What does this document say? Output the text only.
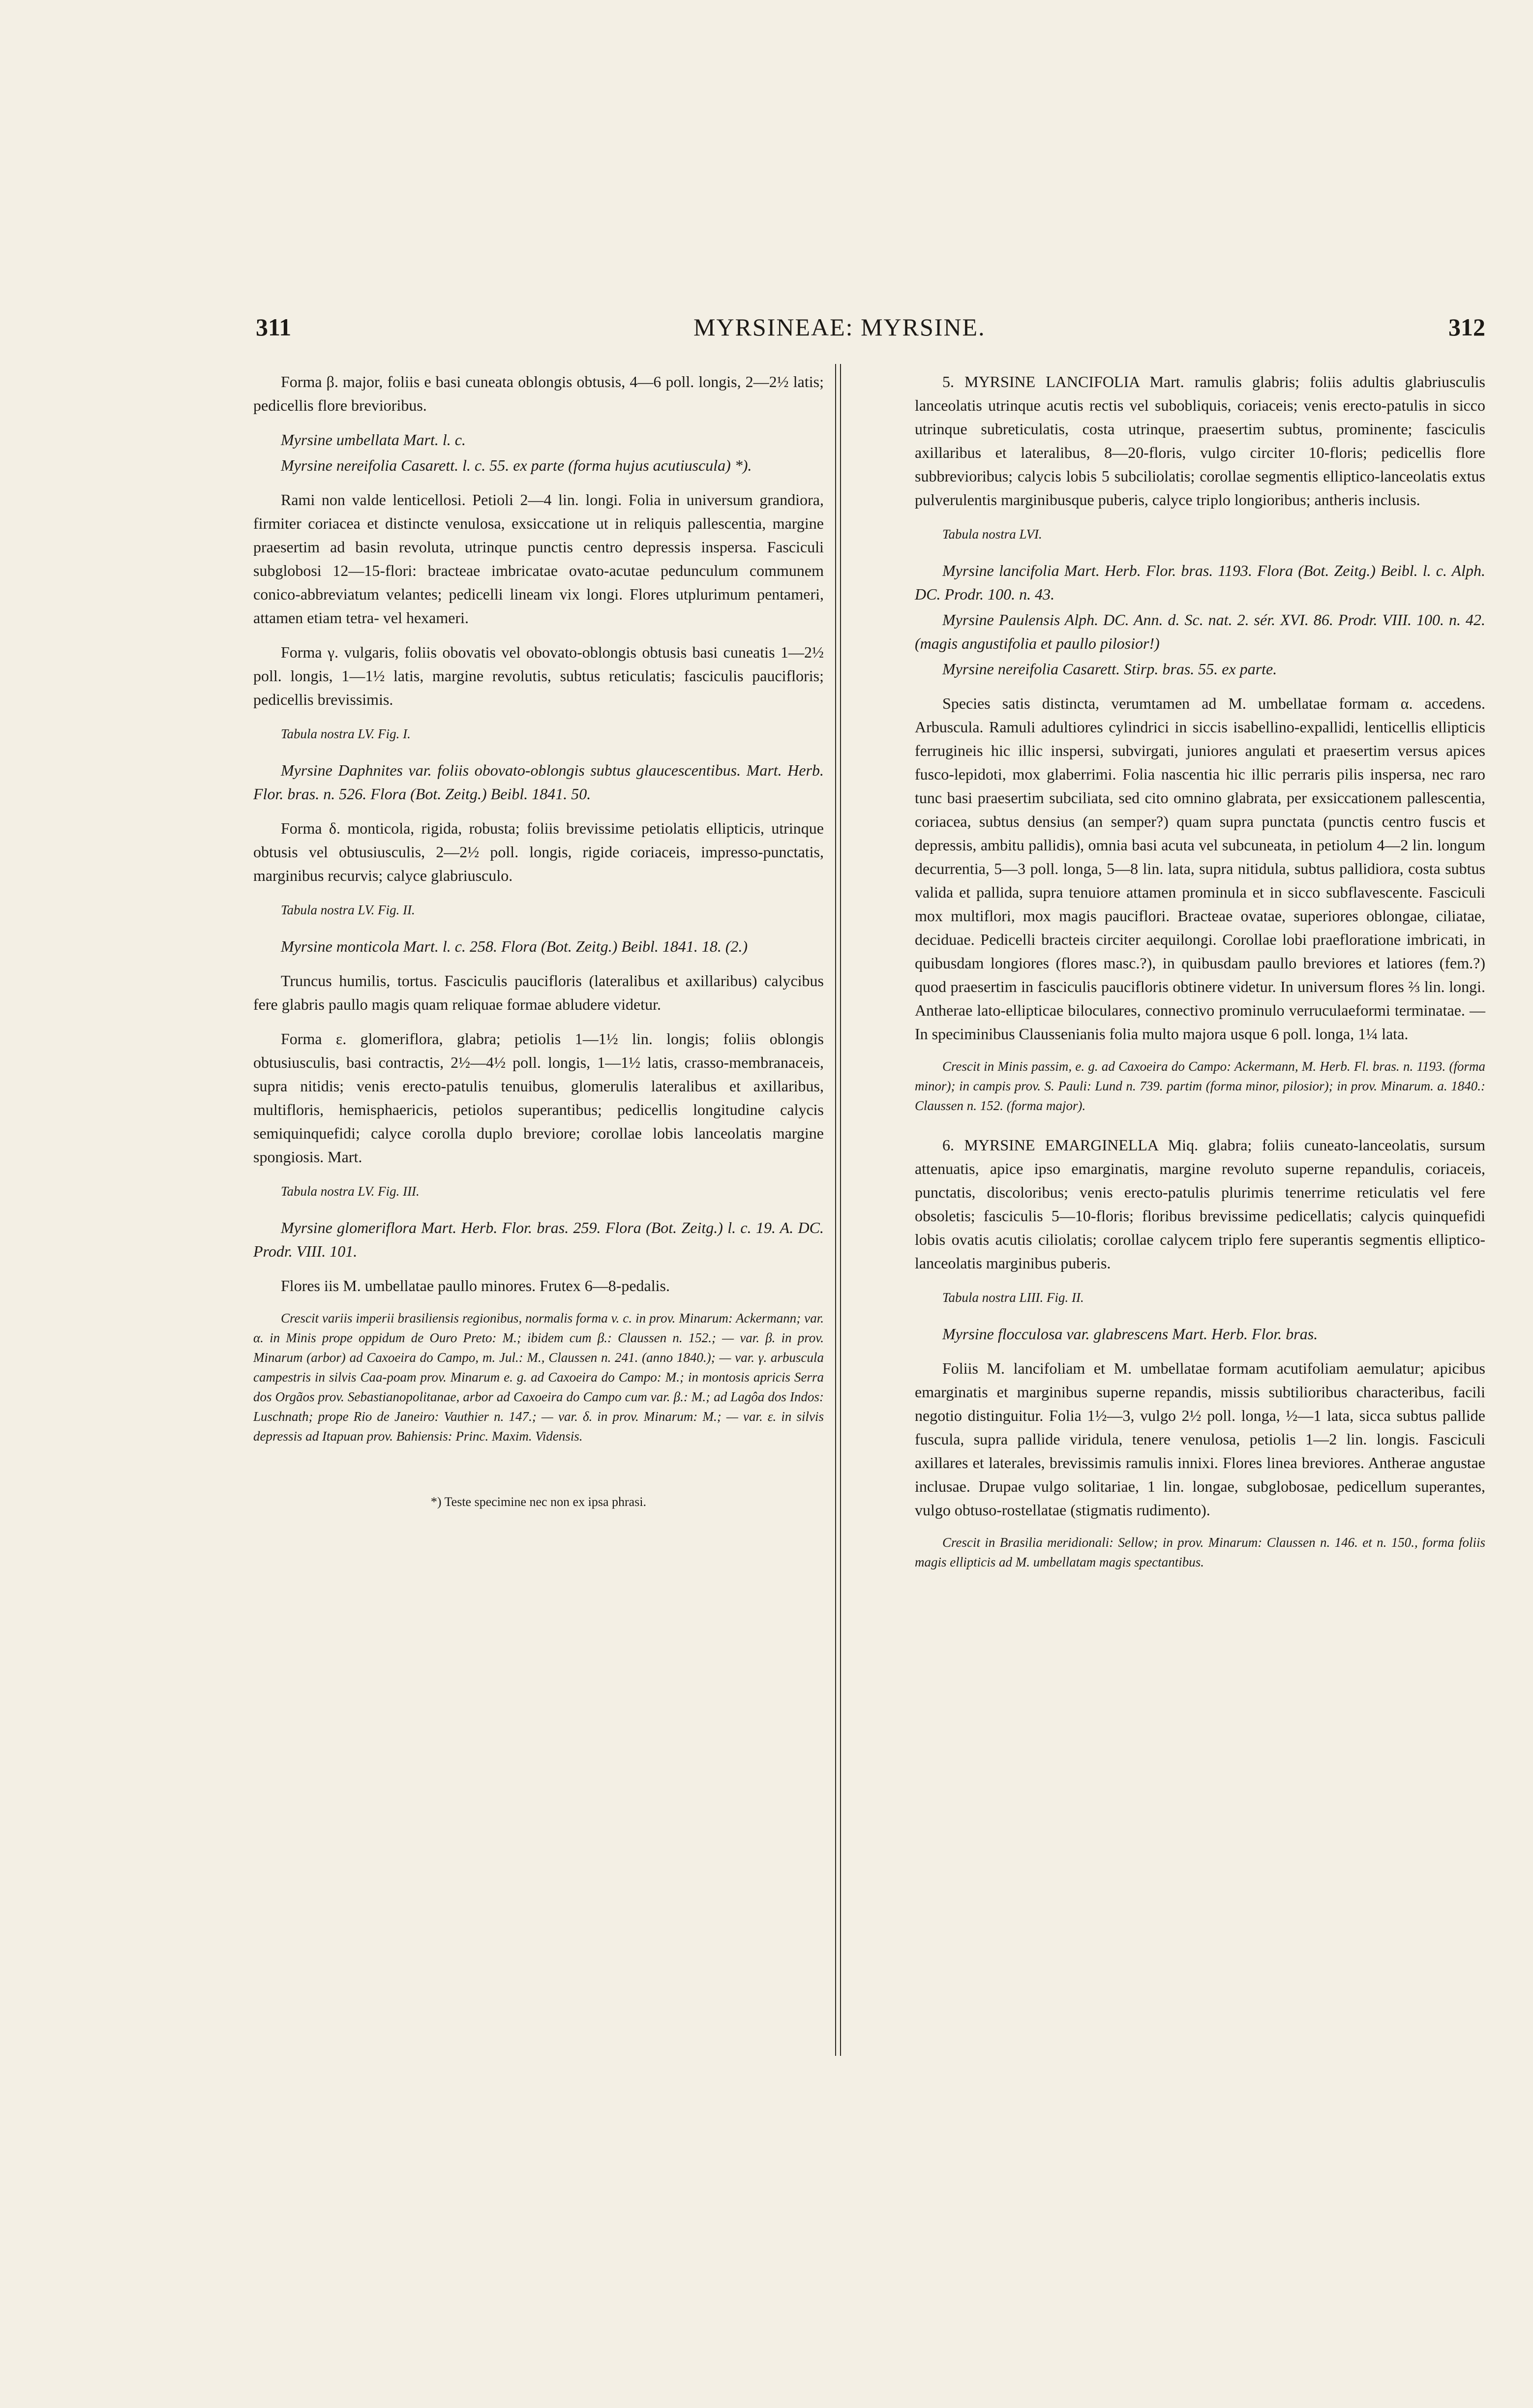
311	MYRSINEAE: MYRSINE.	312

Forma β. major, foliis e basi cuneata oblongis obtusis, 4—6 poll. longis, 2—2½ latis; pedicellis flore brevioribus.

Myrsine umbellata Mart. l. c.

Myrsine nereifolia Casarett. l. c. 55. ex parte (forma hujus acutiuscula) *).

Rami non valde lenticellosi. Petioli 2—4 lin. longi. Folia in universum grandiora, firmiter coriacea et distincte venulosa, exsiccatione ut in reliquis pallescentia, margine praesertim ad basin revoluta, utrinque punctis centro depressis inspersa. Fasciculi subglobosi 12—15-flori: bracteae imbricatae ovato-acutae pedunculum communem conico-abbreviatum velantes; pedicelli lineam vix longi. Flores utplurimum pentameri, attamen etiam tetra- vel hexameri.

Forma γ. vulgaris, foliis obovatis vel obovato-oblongis obtusis basi cuneatis 1—2½ poll. longis, 1—1½ latis, margine revolutis, subtus reticulatis; fasciculis paucifloris; pedicellis brevissimis.

Tabula nostra LV. Fig. I.

Myrsine Daphnites var. foliis obovato-oblongis subtus glaucescentibus. Mart. Herb. Flor. bras. n. 526. Flora (Bot. Zeitg.) Beibl. 1841. 50.

Forma δ. monticola, rigida, robusta; foliis brevissime petiolatis ellipticis, utrinque obtusis vel obtusiusculis, 2—2½ poll. longis, rigide coriaceis, impresso-punctatis, marginibus recurvis; calyce glabriusculo.

Tabula nostra LV. Fig. II.

Myrsine monticola Mart. l. c. 258. Flora (Bot. Zeitg.) Beibl. 1841. 18. (2.)

Truncus humilis, tortus. Fasciculis paucifloris (lateralibus et axillaribus) calycibus fere glabris paullo magis quam reliquae formae abludere videtur.

Forma ε. glomeriflora, glabra; petiolis 1—1½ lin. longis; foliis oblongis obtusiusculis, basi contractis, 2½—4½ poll. longis, 1—1½ latis, crasso-membranaceis, supra nitidis; venis erecto-patulis tenuibus, glomerulis lateralibus et axillaribus, multifloris, hemisphaericis, petiolos superantibus; pedicellis longitudine calycis semiquinquefidi; calyce corolla duplo breviore; corollae lobis lanceolatis margine spongiosis. Mart.

Tabula nostra LV. Fig. III.

Myrsine glomeriflora Mart. Herb. Flor. bras. 259. Flora (Bot. Zeitg.) l. c. 19. A. DC. Prodr. VIII. 101.

Flores iis M. umbellatae paullo minores. Frutex 6—8-pedalis.

Crescit variis imperii brasiliensis regionibus, normalis forma v. c. in prov. Minarum: Ackermann; var. α. in Minis prope oppidum de Ouro Preto: M.; ibidem cum β.: Claussen n. 152.; — var. β. in prov. Minarum (arbor) ad Caxoeira do Campo, m. Jul.: M., Claussen n. 241. (anno 1840.); — var. γ. arbuscula campestris in silvis Caa-poam prov. Minarum e. g. ad Caxoeira do Campo: M.; in montosis apricis Serra dos Orgãos prov. Sebastianopolitanae, arbor ad Caxoeira do Campo cum var. β.: M.; ad Lagôa dos Indos: Luschnath; prope Rio de Janeiro: Vauthier n. 147.; — var. δ. in prov. Minarum: M.; — var. ε. in silvis depressis ad Itapuan prov. Bahiensis: Princ. Maxim. Vidensis.

*) Teste specimine nec non ex ipsa phrasi.

5. MYRSINE LANCIFOLIA Mart. ramulis glabris; foliis adultis glabriusculis lanceolatis utrinque acutis rectis vel subobliquis, coriaceis; venis erecto-patulis in sicco utrinque subreticulatis, costa utrinque, praesertim subtus, prominente; fasciculis axillaribus et lateralibus, 8—20-floris, vulgo circiter 10-floris; pedicellis flore subbrevioribus; calycis lobis 5 subciliolatis; corollae segmentis elliptico-lanceolatis extus pulverulentis marginibusque puberis, calyce triplo longioribus; antheris inclusis.

Tabula nostra LVI.

Myrsine lancifolia Mart. Herb. Flor. bras. 1193. Flora (Bot. Zeitg.) Beibl. l. c. Alph. DC. Prodr. 100. n. 43.

Myrsine Paulensis Alph. DC. Ann. d. Sc. nat. 2. sér. XVI. 86. Prodr. VIII. 100. n. 42. (magis angustifolia et paullo pilosior!)

Myrsine nereifolia Casarett. Stirp. bras. 55. ex parte.

Species satis distincta, verumtamen ad M. umbellatae formam α. accedens. Arbuscula. Ramuli adultiores cylindrici in siccis isabellino-expallidi, lenticellis ellipticis ferrugineis hic illic inspersi, subvirgati, juniores angulati et praesertim versus apices fusco-lepidoti, mox glaberrimi. Folia nascentia hic illic perraris pilis inspersa, nec raro tunc basi praesertim subciliata, sed cito omnino glabrata, per exsiccationem pallescentia, coriacea, subtus densius (an semper?) quam supra punctata (punctis centro fuscis et depressis, ambitu pallidis), omnia basi acuta vel subcuneata, in petiolum 4—2 lin. longum decurrentia, 5—3 poll. longa, 5—8 lin. lata, supra nitidula, subtus pallidiora, costa subtus valida et pallida, supra tenuiore attamen prominula et in sicco subflavescente. Fasciculi mox multiflori, mox magis pauciflori. Bracteae ovatae, superiores oblongae, ciliatae, deciduae. Pedicelli bracteis circiter aequilongi. Corollae lobi praefloratione imbricati, in quibusdam longiores (flores masc.?), in quibusdam paullo breviores et latiores (fem.?) quod praesertim in fasciculis paucifloris obtinere videtur. In universum flores ⅔ lin. longi. Antherae lato-ellipticae biloculares, connectivo prominulo verruculaeformi terminatae. — In speciminibus Claussenianis folia multo majora usque 6 poll. longa, 1¼ lata.

Crescit in Minis passim, e. g. ad Caxoeira do Campo: Ackermann, M. Herb. Fl. bras. n. 1193. (forma minor); in campis prov. S. Pauli: Lund n. 739. partim (forma minor, pilosior); in prov. Minarum. a. 1840.: Claussen n. 152. (forma major).

6. MYRSINE EMARGINELLA Miq. glabra; foliis cuneato-lanceolatis, sursum attenuatis, apice ipso emarginatis, margine revoluto superne repandulis, coriaceis, punctatis, discoloribus; venis erecto-patulis plurimis tenerrime reticulatis vel fere obsoletis; fasciculis 5—10-floris; floribus brevissime pedicellatis; calycis quinquefidi lobis ovatis acutis ciliolatis; corollae calycem triplo fere superantis segmentis elliptico-lanceolatis marginibus puberis.

Tabula nostra LIII. Fig. II.

Myrsine flocculosa var. glabrescens Mart. Herb. Flor. bras.

Foliis M. lancifoliam et M. umbellatae formam acutifoliam aemulatur; apicibus emarginatis et marginibus superne repandis, missis subtilioribus characteribus, facili negotio distinguitur. Folia 1½—3, vulgo 2½ poll. longa, ½—1 lata, sicca subtus pallide fuscula, supra pallide viridula, tenere venulosa, petiolis 1—2 lin. longis. Fasciculi axillares et laterales, brevissimis ramulis innixi. Flores linea breviores. Antherae angustae inclusae. Drupae vulgo solitariae, 1 lin. longae, subglobosae, pedicellum superantes, vulgo obtuso-rostellatae (stigmatis rudimento).

Crescit in Brasilia meridionali: Sellow; in prov. Minarum: Claussen n. 146. et n. 150., forma foliis magis ellipticis ad M. umbellatam magis spectantibus.
